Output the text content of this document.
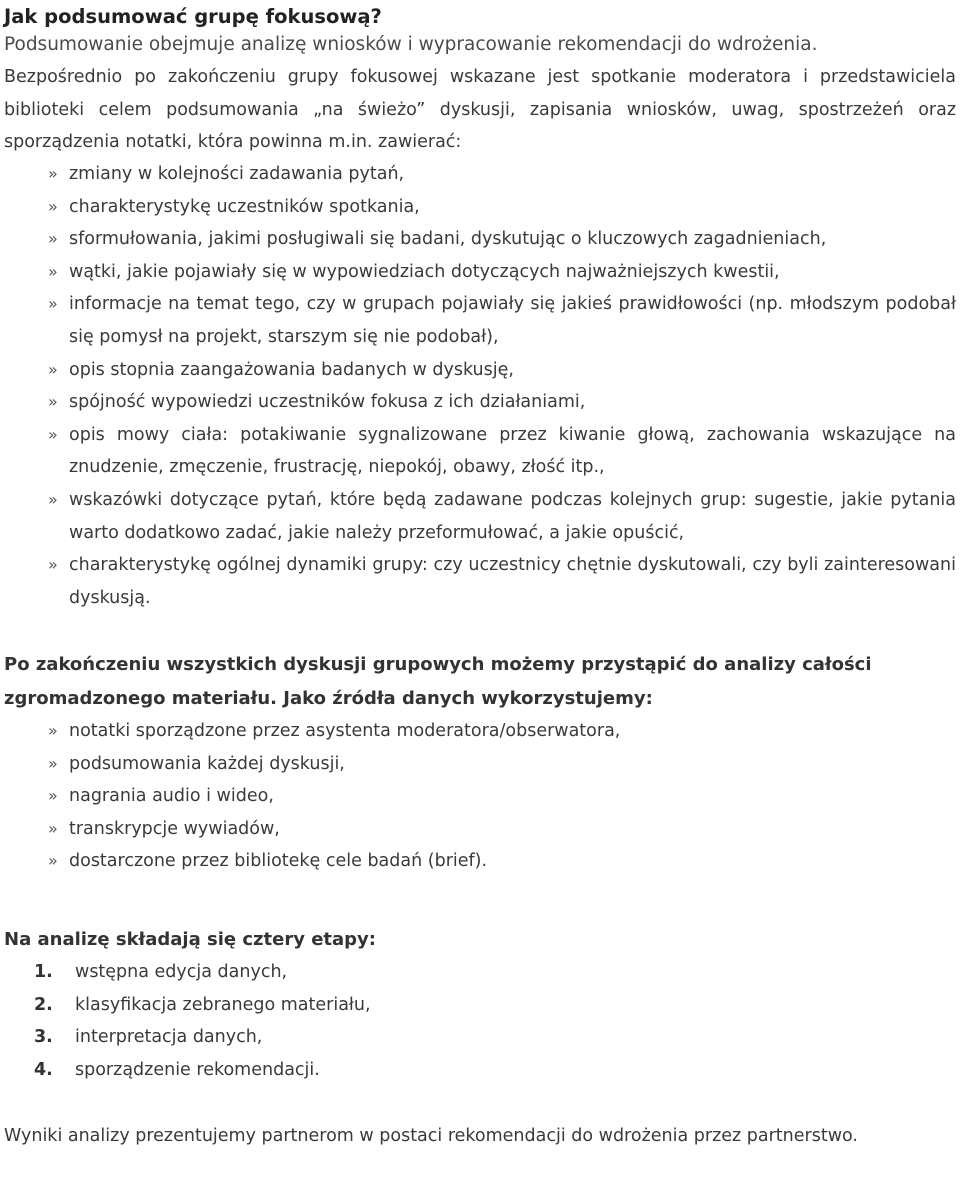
Jak podsumować grupę fokusową?
Podsumowanie obejmuje analizę wniosków i wypracowanie rekomendacji do wdrożenia.
Bezpośrednio po zakończeniu grupy fokusowej wskazane jest spotkanie moderatora i przedstawiciela biblioteki celem podsumowania „na świeżo” dyskusji, zapisania wniosków, uwag, spostrzeżeń oraz sporządzenia notatki, która powinna m.in. zawierać:
» zmiany w kolejności zadawania pytań,
» charakterystykę uczestników spotkania,
» sformułowania, jakimi posługiwali się badani, dyskutując o kluczowych zagadnieniach,
» wątki, jakie pojawiały się w wypowiedziach dotyczących najważniejszych kwestii,
» informacje na temat tego, czy w grupach pojawiały się jakieś prawidłowości (np. młodszym podobał się pomysł na projekt, starszym się nie podobał),
» opis stopnia zaangażowania badanych w dyskusję,
» spójność wypowiedzi uczestników fokusa z ich działaniami,
» opis mowy ciała: potakiwanie sygnalizowane przez kiwanie głową, zachowania wskazujące na znudzenie, zmęczenie, frustrację, niepokój, obawy, złość itp.,
» wskazówki dotyczące pytań, które będą zadawane podczas kolejnych grup: sugestie, jakie pytania warto dodatkowo zadać, jakie należy przeformułować, a jakie opuścić,
» charakterystykę ogólnej dynamiki grupy: czy uczestnicy chętnie dyskutowali, czy byli zainteresowani dyskusją.
Po zakończeniu wszystkich dyskusji grupowych możemy przystąpić do analizy całości zgromadzonego materiału. Jako źródła danych wykorzystujemy:
» notatki sporządzone przez asystenta moderatora/obserwatora,
» podsumowania każdej dyskusji,
» nagrania audio i wideo,
» transkrypcje wywiadów,
» dostarczone przez bibliotekę cele badań (brief).
Na analizę składają się cztery etapy:
1. wstępna edycja danych,
2. klasyfikacja zebranego materiału,
3. interpretacja danych,
4. sporządzenie rekomendacji.
Wyniki analizy prezentujemy partnerom w postaci rekomendacji do wdrożenia przez partnerstwo.
